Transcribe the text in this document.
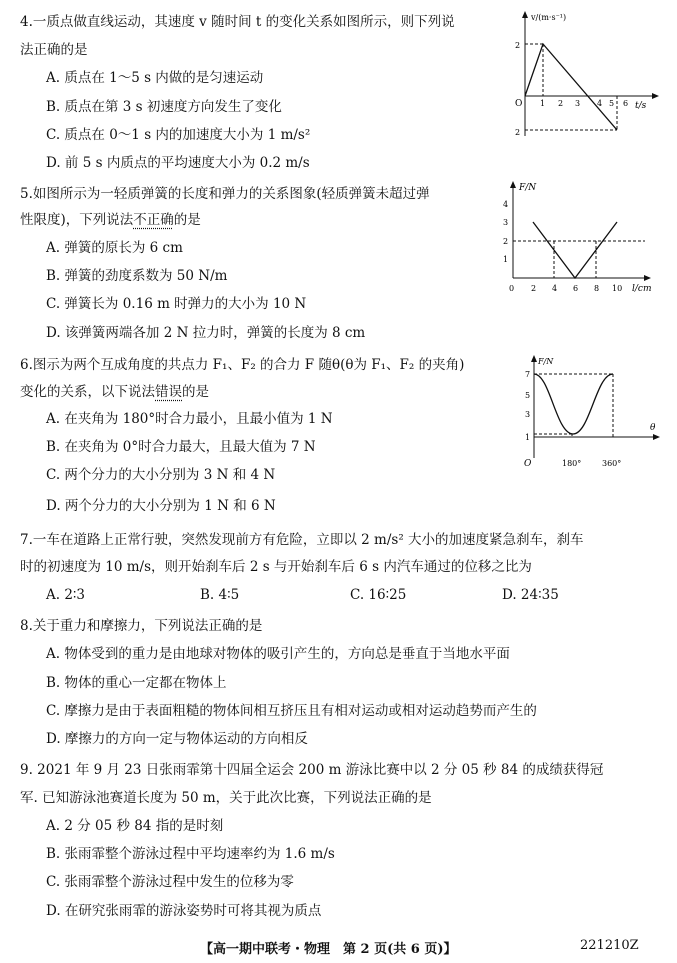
4.一质点做直线运动，其速度 v 随时间 t 的变化关系如图所示，则下列说
法正确的是
A. 质点在 1～5 s 内做的是匀速运动
B. 质点在第 3 s 初速度方向发生了变化
C. 质点在 0～1 s 内的加速度大小为 1 m/s²
D. 前 5 s 内质点的平均速度大小为 0.2 m/s
v/(m·s⁻¹)
t/s
O 1 2 3 4 5 6
2
2
5.如图所示为一轻质弹簧的长度和弹力的关系图象(轻质弹簧未超过弹
性限度)，下列说法不正确的是
A. 弹簧的原长为 6 cm
B. 弹簧的劲度系数为 50 N/m
C. 弹簧长为 0.16 m 时弹力的大小为 10 N
D. 该弹簧两端各加 2 N 拉力时，弹簧的长度为 8 cm
F/N
l/cm
0 2 4 6 8 10
1
2
3
4
6.图示为两个互成角度的共点力 F₁、F₂ 的合力 F 随θ(θ为 F₁、F₂ 的夹角)
变化的关系，以下说法错误的是
A. 在夹角为 180°时合力最小，且最小值为 1 N
B. 在夹角为 0°时合力最大，且最大值为 7 N
C. 两个分力的大小分别为 3 N 和 4 N
D. 两个分力的大小分别为 1 N 和 6 N
F/N
θ
O	180°	360°
1
3
5
7
7.一车在道路上正常行驶，突然发现前方有危险，立即以 2 m/s² 大小的加速度紧急刹车，刹车
时的初速度为 10 m/s，则开始刹车后 2 s 与开始刹车后 6 s 内汽车通过的位移之比为
A. 2∶3	B. 4∶5	C. 16∶25	D. 24∶35
8.关于重力和摩擦力，下列说法正确的是
A. 物体受到的重力是由地球对物体的吸引产生的，方向总是垂直于当地水平面
B. 物体的重心一定都在物体上
C. 摩擦力是由于表面粗糙的物体间相互挤压且有相对运动或相对运动趋势而产生的
D. 摩擦力的方向一定与物体运动的方向相反
9. 2021 年 9 月 23 日张雨霏第十四届全运会 200 m 游泳比赛中以 2 分 05 秒 84 的成绩获得冠
军. 已知游泳池赛道长度为 50 m，关于此次比赛，下列说法正确的是
A. 2 分 05 秒 84 指的是时刻
B. 张雨霏整个游泳过程中平均速率约为 1.6 m/s
C. 张雨霏整个游泳过程中发生的位移为零
D. 在研究张雨霏的游泳姿势时可将其视为质点
【高一期中联考・物理　第 2 页(共 6 页)】	221210Z
